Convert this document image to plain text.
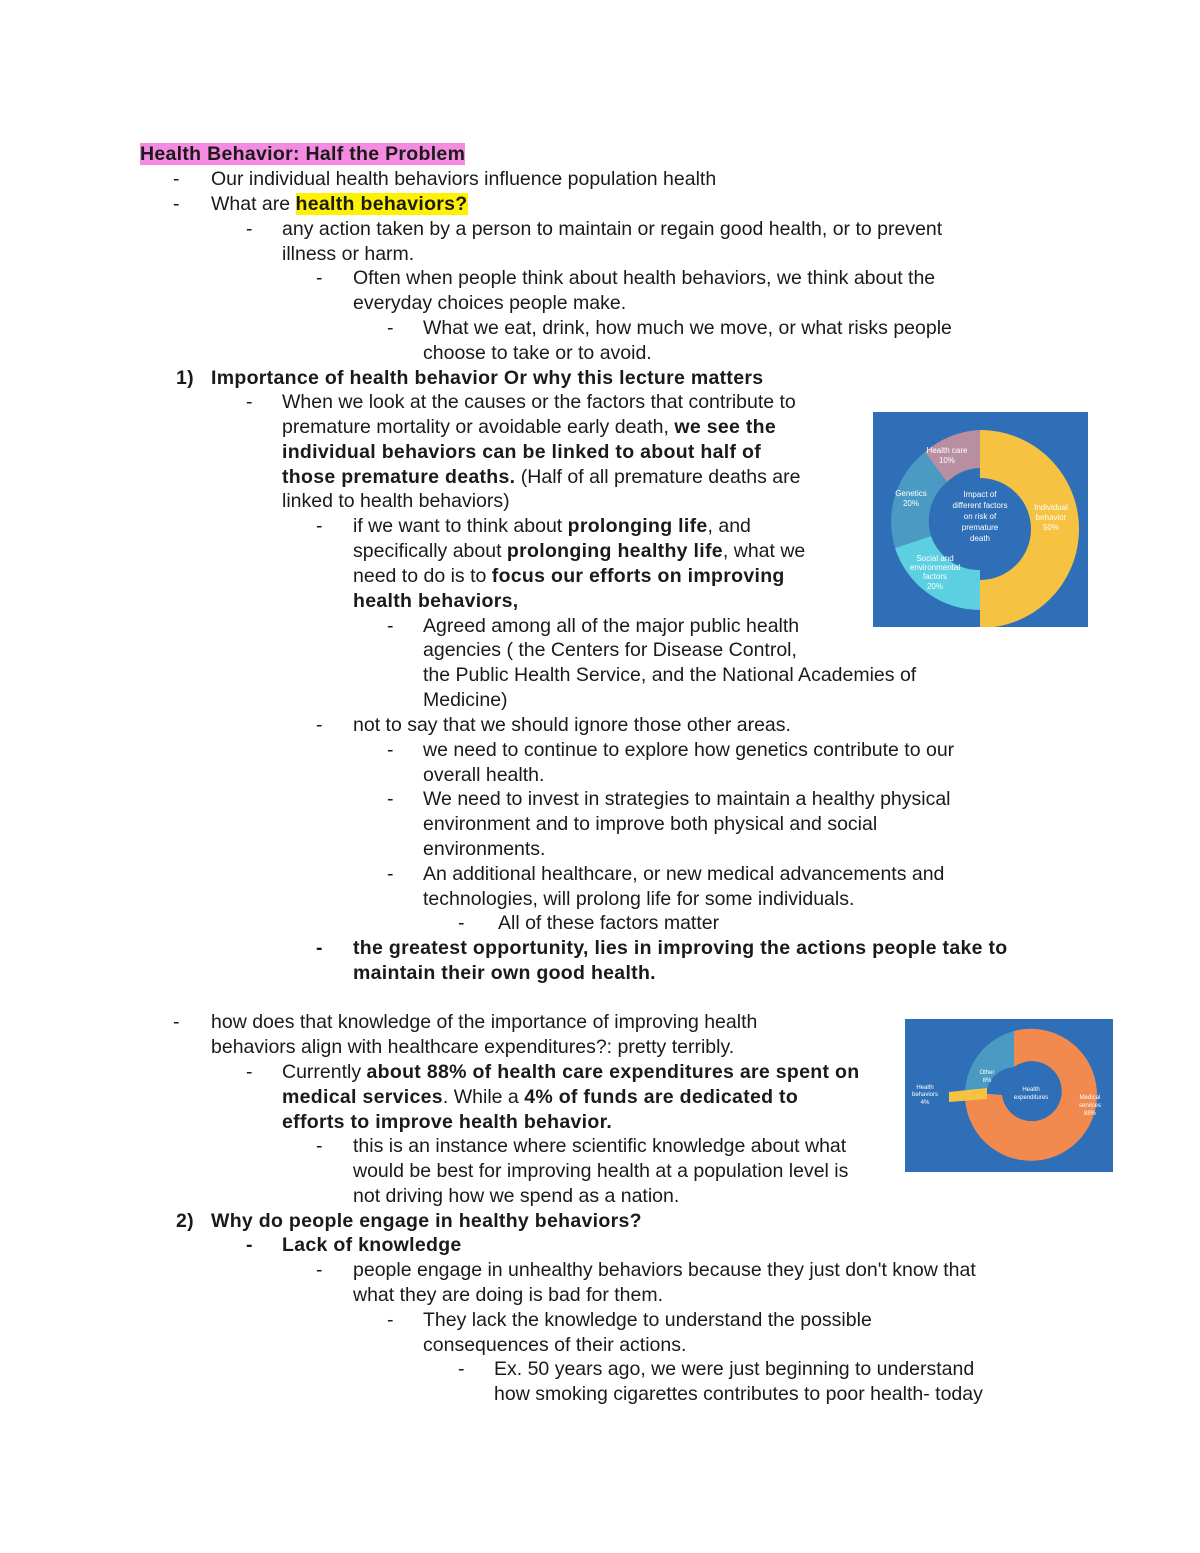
Health Behavior: Half the Problem
- Our individual health behaviors influence population health
- What are health behaviors?
- any action taken by a person to maintain or regain good health, or to prevent
illness or harm.
- Often when people think about health behaviors, we think about the
everyday choices people make.
- What we eat, drink, how much we move, or what risks people
choose to take or to avoid.
1) Importance of health behavior Or why this lecture matters
- When we look at the causes or the factors that contribute to
premature mortality or avoidable early death, we see the
individual behaviors can be linked to about half of
those premature deaths. (Half of all premature deaths are
linked to health behaviors)
- if we want to think about prolonging life, and
specifically about prolonging healthy life, what we
need to do is to focus our efforts on improving
health behaviors,
- Agreed among all of the major public health
agencies ( the Centers for Disease Control,
the Public Health Service, and the National Academies of
Medicine)
- not to say that we should ignore those other areas.
- we need to continue to explore how genetics contribute to our
overall health.
- We need to invest in strategies to maintain a healthy physical
environment and to improve both physical and social
environments.
- An additional healthcare, or new medical advancements and
technologies, will prolong life for some individuals.
- All of these factors matter
- the greatest opportunity, lies in improving the actions people take to
maintain their own good health.
- how does that knowledge of the importance of improving health
behaviors align with healthcare expenditures?: pretty terribly.
- Currently about 88% of health care expenditures are spent on
medical services. While a 4% of funds are dedicated to
efforts to improve health behavior.
- this is an instance where scientific knowledge about what
would be best for improving health at a population level is
not driving how we spend as a nation.
2) Why do people engage in healthy behaviors?
- Lack of knowledge
- people engage in unhealthy behaviors because they just don't know that
what they are doing is bad for them.
- They lack the knowledge to understand the possible
consequences of their actions.
- Ex. 50 years ago, we were just beginning to understand
how smoking cigarettes contributes to poor health- today
Impact of
different factors
on risk of
premature
death
Individual
behavior
50%
Social and
environmental
factors
20%
Genetics
20%
Health care
10%
Health
expenditures	Medical
services
88%
Health
behaviors
4%
Other
8%
